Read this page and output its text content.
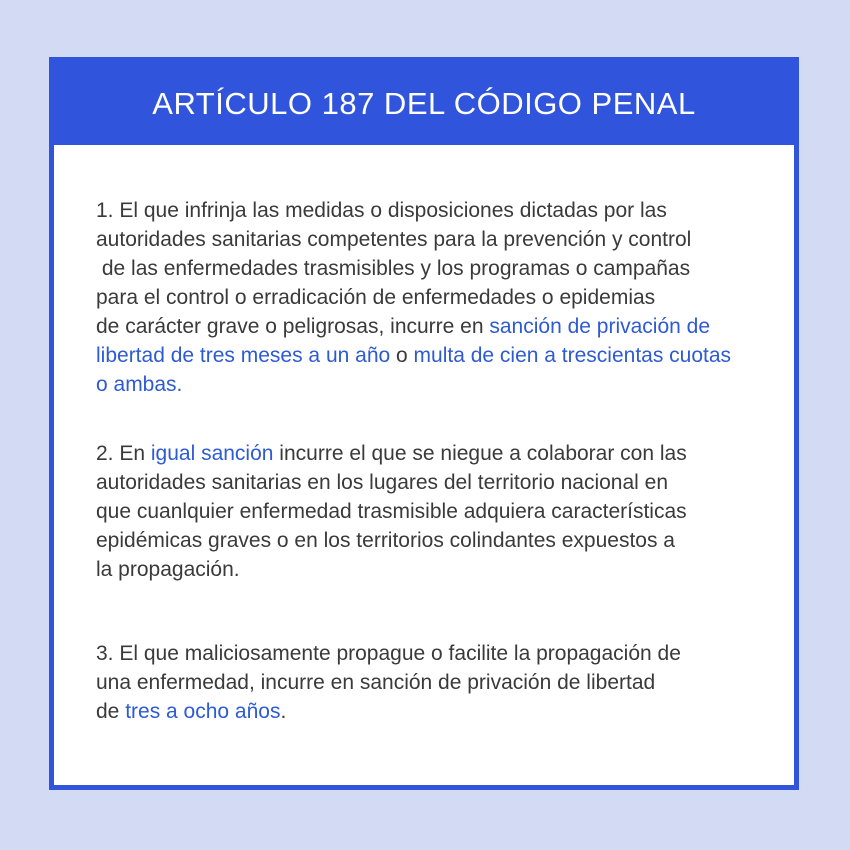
ARTÍCULO 187 DEL CÓDIGO PENAL
1. El que infrinja las medidas o disposiciones dictadas por las
autoridades sanitarias competentes para la prevención y control
de las enfermedades trasmisibles y los programas o campañas
para el control o erradicación de enfermedades o epidemias
de carácter grave o peligrosas, incurre en sanción de privación de
libertad de tres meses a un año o multa de cien a trescientas cuotas
o ambas.
2. En igual sanción incurre el que se niegue a colaborar con las
autoridades sanitarias en los lugares del territorio nacional en
que cuanlquier enfermedad trasmisible adquiera características
epidémicas graves o en los territorios colindantes expuestos a
la propagación.
3. El que maliciosamente propague o facilite la propagación de
una enfermedad, incurre en sanción de privación de libertad
de tres a ocho años.
